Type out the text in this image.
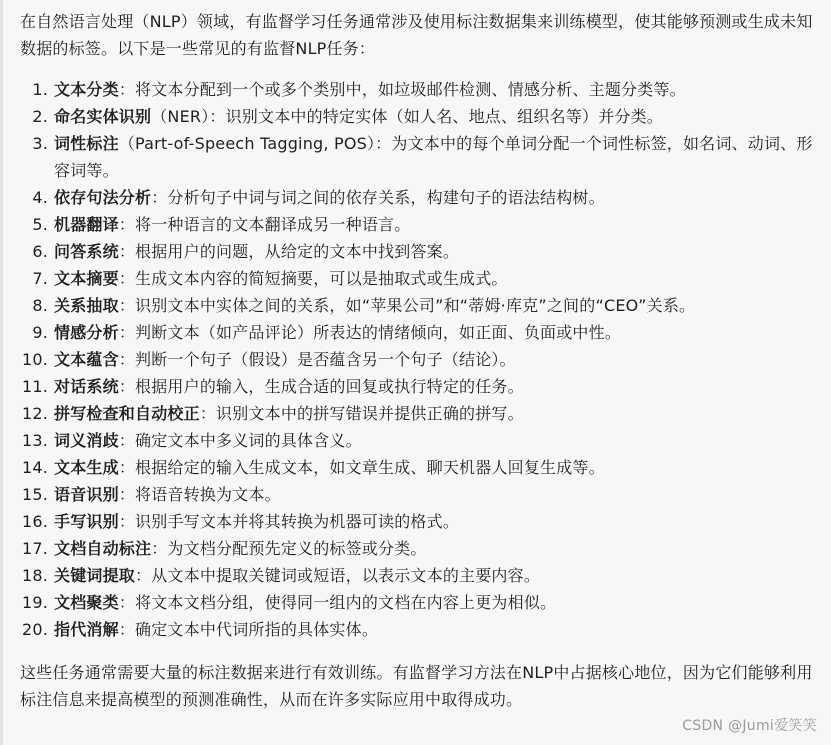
在自然语言处理（NLP）领域，有监督学习任务通常涉及使用标注数据集来训练模型，使其能够预测或生成未知数据的标签。以下是一些常见的有监督NLP任务：

1. 文本分类：将文本分配到一个或多个类别中，如垃圾邮件检测、情感分析、主题分类等。
2. 命名实体识别（NER）：识别文本中的特定实体（如人名、地点、组织名等）并分类。
3. 词性标注（Part-of-Speech Tagging, POS）：为文本中的每个单词分配一个词性标签，如名词、动词、形容词等。
4. 依存句法分析：分析句子中词与词之间的依存关系，构建句子的语法结构树。
5. 机器翻译：将一种语言的文本翻译成另一种语言。
6. 问答系统：根据用户的问题，从给定的文本中找到答案。
7. 文本摘要：生成文本内容的简短摘要，可以是抽取式或生成式。
8. 关系抽取：识别文本中实体之间的关系，如“苹果公司”和“蒂姆·库克”之间的“CEO”关系。
9. 情感分析：判断文本（如产品评论）所表达的情绪倾向，如正面、负面或中性。
10. 文本蕴含：判断一个句子（假设）是否蕴含另一个句子（结论）。
11. 对话系统：根据用户的输入，生成合适的回复或执行特定的任务。
12. 拼写检查和自动校正：识别文本中的拼写错误并提供正确的拼写。
13. 词义消歧：确定文本中多义词的具体含义。
14. 文本生成：根据给定的输入生成文本，如文章生成、聊天机器人回复生成等。
15. 语音识别：将语音转换为文本。
16. 手写识别：识别手写文本并将其转换为机器可读的格式。
17. 文档自动标注：为文档分配预先定义的标签或分类。
18. 关键词提取：从文本中提取关键词或短语，以表示文本的主要内容。
19. 文档聚类：将文本文档分组，使得同一组内的文档在内容上更为相似。
20. 指代消解：确定文本中代词所指的具体实体。

这些任务通常需要大量的标注数据来进行有效训练。有监督学习方法在NLP中占据核心地位，因为它们能够利用标注信息来提高模型的预测准确性，从而在许多实际应用中取得成功。

CSDN @Jumi爱笑笑
